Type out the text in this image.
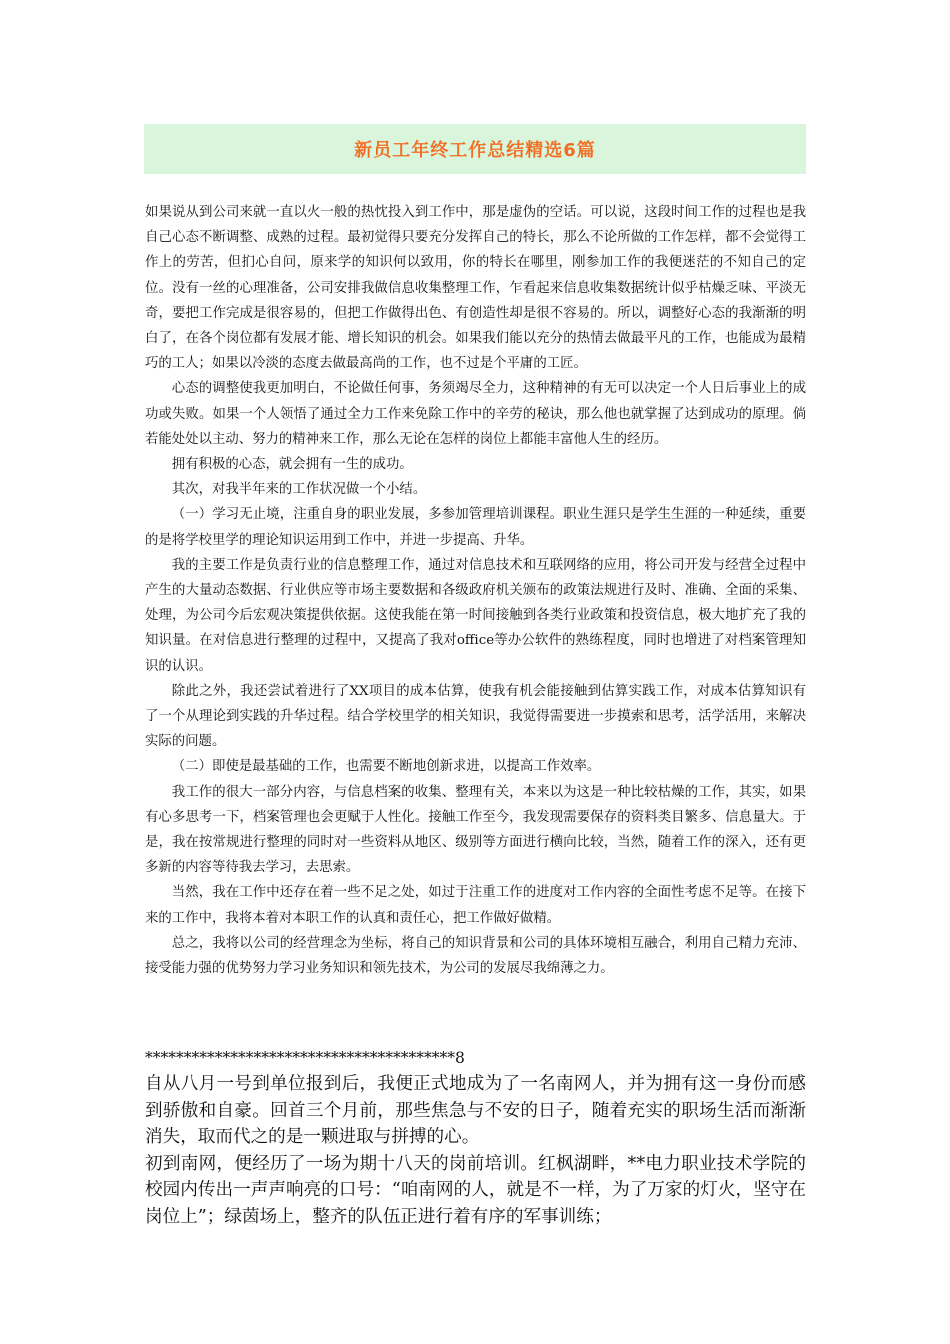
新员工年终工作总结精选6篇

如果说从到公司来就一直以火一般的热忱投入到工作中，那是虚伪的空话。可以说，这段时间工作的过程也是我自己心态不断调整、成熟的过程。最初觉得只要充分发挥自己的特长，那么不论所做的工作怎样，都不会觉得工作上的劳苦，但扪心自问，原来学的知识何以致用，你的特长在哪里，刚参加工作的我便迷茫的不知自己的定位。没有一丝的心理准备，公司安排我做信息收集整理工作，乍看起来信息收集数据统计似乎枯燥乏味、平淡无奇，要把工作完成是很容易的，但把工作做得出色、有创造性却是很不容易的。所以，调整好心态的我渐渐的明白了，在各个岗位都有发展才能、增长知识的机会。如果我们能以充分的热情去做最平凡的工作，也能成为最精巧的工人；如果以冷淡的态度去做最高尚的工作，也不过是个平庸的工匠。

心态的调整使我更加明白，不论做任何事，务须竭尽全力，这种精神的有无可以决定一个人日后事业上的成功或失败。如果一个人领悟了通过全力工作来免除工作中的辛劳的秘诀，那么他也就掌握了达到成功的原理。倘若能处处以主动、努力的精神来工作，那么无论在怎样的岗位上都能丰富他人生的经历。

拥有积极的心态，就会拥有一生的成功。

其次，对我半年来的工作状况做一个小结。

（一）学习无止境，注重自身的职业发展，多参加管理培训课程。职业生涯只是学生生涯的一种延续，重要的是将学校里学的理论知识运用到工作中，并进一步提高、升华。

我的主要工作是负责行业的信息整理工作，通过对信息技术和互联网络的应用，将公司开发与经营全过程中产生的大量动态数据、行业供应等市场主要数据和各级政府机关颁布的政策法规进行及时、准确、全面的采集、处理，为公司今后宏观决策提供依据。这使我能在第一时间接触到各类行业政策和投资信息，极大地扩充了我的知识量。在对信息进行整理的过程中，又提高了我对office等办公软件的熟练程度，同时也增进了对档案管理知识的认识。

除此之外，我还尝试着进行了XX项目的成本估算，使我有机会能接触到估算实践工作，对成本估算知识有了一个从理论到实践的升华过程。结合学校里学的相关知识，我觉得需要进一步摸索和思考，活学活用，来解决实际的问题。

（二）即使是最基础的工作，也需要不断地创新求进，以提高工作效率。

我工作的很大一部分内容，与信息档案的收集、整理有关，本来以为这是一种比较枯燥的工作，其实，如果有心多思考一下，档案管理也会更赋于人性化。接触工作至今，我发现需要保存的资料类目繁多、信息量大。于是，我在按常规进行整理的同时对一些资料从地区、级别等方面进行横向比较，当然，随着工作的深入，还有更多新的内容等待我去学习，去思索。

当然，我在工作中还存在着一些不足之处，如过于注重工作的进度对工作内容的全面性考虑不足等。在接下来的工作中，我将本着对本职工作的认真和责任心，把工作做好做精。

总之，我将以公司的经营理念为坐标，将自己的知识背景和公司的具体环境相互融合，利用自己精力充沛、接受能力强的优势努力学习业务知识和领先技术，为公司的发展尽我绵薄之力。

****************************************8

自从八月一号到单位报到后，我便正式地成为了一名南网人，并为拥有这一身份而感到骄傲和自豪。回首三个月前，那些焦急与不安的日子，随着充实的职场生活而渐渐消失，取而代之的是一颗进取与拼搏的心。

初到南网，便经历了一场为期十八天的岗前培训。红枫湖畔，**电力职业技术学院的校园内传出一声声响亮的口号：“咱南网的人，就是不一样，为了万家的灯火，坚守在岗位上”；绿茵场上，整齐的队伍正进行着有序的军事训练；
